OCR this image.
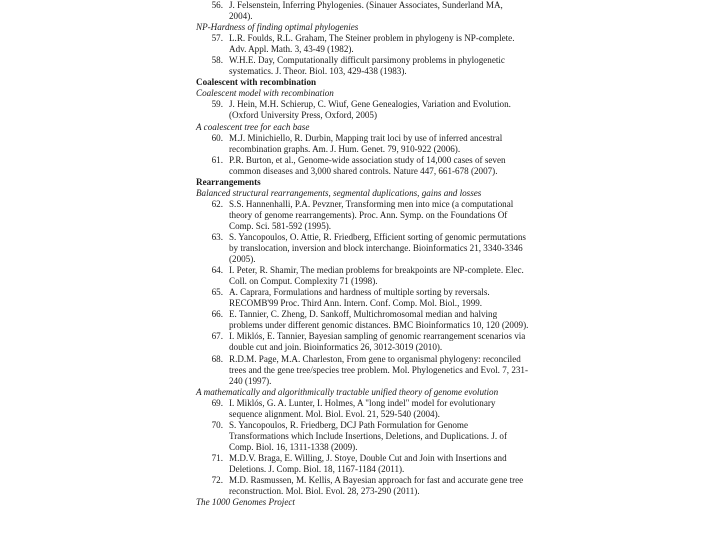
56. J. Felsenstein, Inferring Phylogenies. (Sinauer Associates, Sunderland MA,
2004).
NP-Hardness of finding optimal phylogenies
57. L.R. Foulds, R.L. Graham, The Steiner problem in phylogeny is NP-complete.
Adv. Appl. Math. 3, 43-49 (1982).
58. W.H.E. Day, Computationally difficult parsimony problems in phylogenetic
systematics. J. Theor. Biol. 103, 429-438 (1983).
Coalescent with recombination
Coalescent model with recombination
59. J. Hein, M.H. Schierup, C. Wiuf, Gene Genealogies, Variation and Evolution.
(Oxford University Press, Oxford, 2005)
A coalescent tree for each base
60. M.J. Minichiello, R. Durbin, Mapping trait loci by use of inferred ancestral
recombination graphs. Am. J. Hum. Genet. 79, 910-922 (2006).
61. P.R. Burton, et al., Genome-wide association study of 14,000 cases of seven
common diseases and 3,000 shared controls. Nature 447, 661-678 (2007).
Rearrangements
Balanced structural rearrangements, segmental duplications, gains and losses
62. S.S. Hannenhalli, P.A. Pevzner, Transforming men into mice (a computational
theory of genome rearrangements). Proc. Ann. Symp. on the Foundations Of
Comp. Sci. 581-592 (1995).
63. S. Yancopoulos, O. Attie, R. Friedberg, Efficient sorting of genomic permutations
by translocation, inversion and block interchange. Bioinformatics 21, 3340-3346
(2005).
64. I. Peter, R. Shamir, The median problems for breakpoints are NP-complete. Elec.
Coll. on Comput. Complexity 71 (1998).
65. A. Caprara, Formulations and hardness of multiple sorting by reversals.
RECOMB'99 Proc. Third Ann. Intern. Conf. Comp. Mol. Biol., 1999.
66. E. Tannier, C. Zheng, D. Sankoff, Multichromosomal median and halving
problems under different genomic distances. BMC Bioinformatics 10, 120 (2009).
67. I. Miklós, E. Tannier, Bayesian sampling of genomic rearrangement scenarios via
double cut and join. Bioinformatics 26, 3012-3019 (2010).
68. R.D.M. Page, M.A. Charleston, From gene to organismal phylogeny: reconciled
trees and the gene tree/species tree problem. Mol. Phylogenetics and Evol. 7, 231-
240 (1997).
A mathematically and algorithmically tractable unified theory of genome evolution
69. I. Miklós, G. A. Lunter, I. Holmes, A "long indel" model for evolutionary
sequence alignment. Mol. Biol. Evol. 21, 529-540 (2004).
70. S. Yancopoulos, R. Friedberg, DCJ Path Formulation for Genome
Transformations which Include Insertions, Deletions, and Duplications. J. of
Comp. Biol. 16, 1311-1338 (2009).
71. M.D.V. Braga, E. Willing, J. Stoye, Double Cut and Join with Insertions and
Deletions. J. Comp. Biol. 18, 1167-1184 (2011).
72. M.D. Rasmussen, M. Kellis, A Bayesian approach for fast and accurate gene tree
reconstruction. Mol. Biol. Evol. 28, 273-290 (2011).
The 1000 Genomes Project
